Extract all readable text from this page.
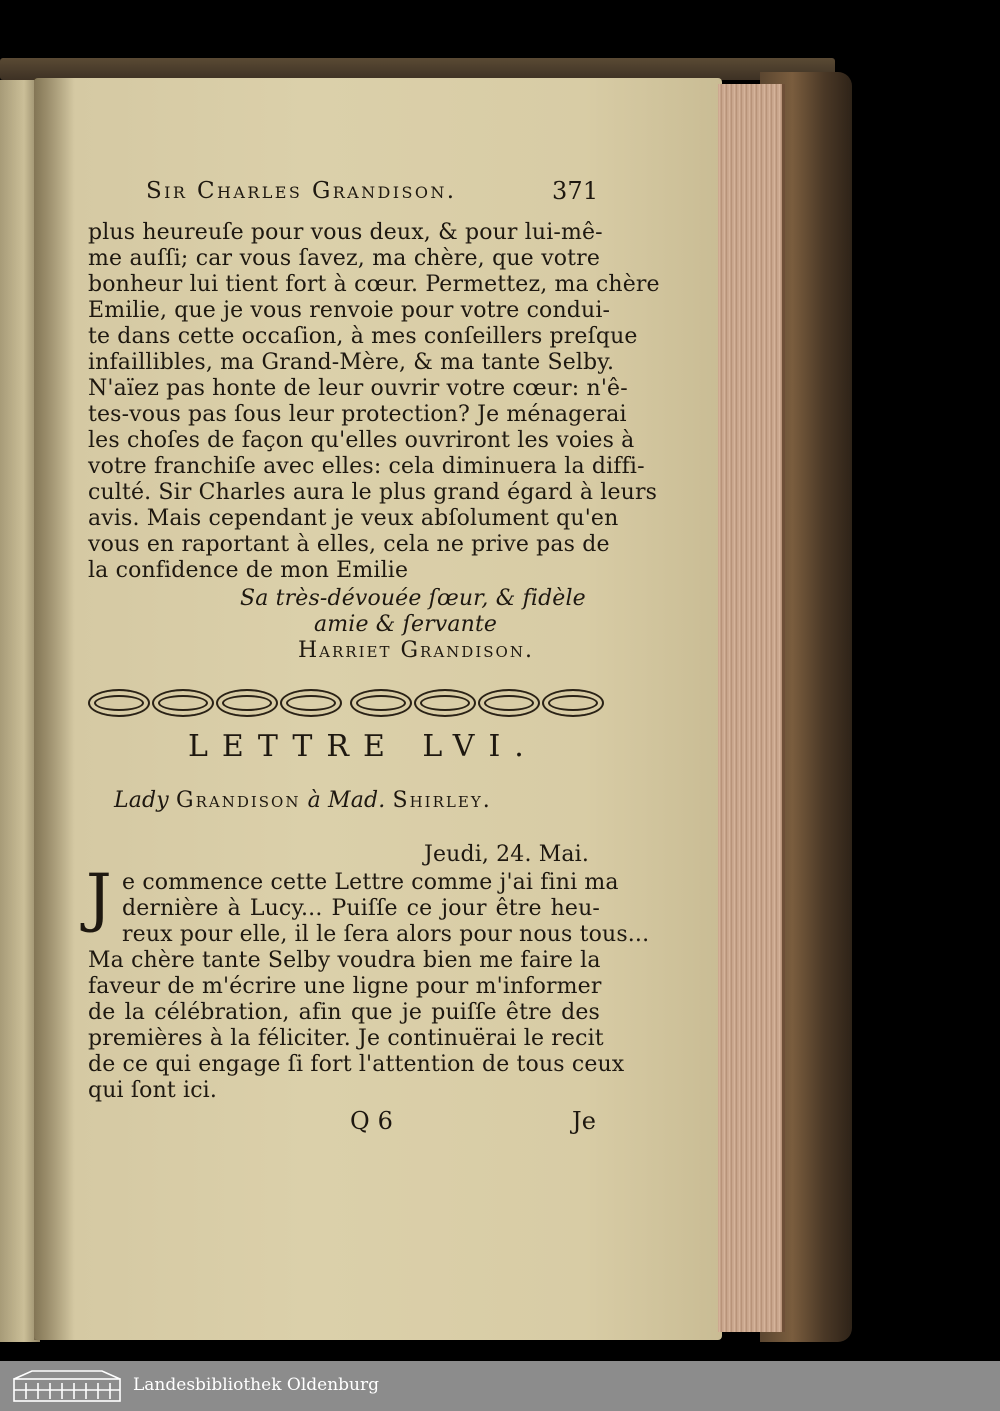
Sir Charles Grandison.	371
plus heureuſe pour vous deux, & pour lui-mê-
me auſſi; car vous ſavez, ma chère, que votre
bonheur lui tient fort à cœur. Permettez, ma chère
Emilie, que je vous renvoie pour votre condui-
te dans cette occaſion, à mes conſeillers preſque
infaillibles, ma Grand-Mère, & ma tante Selby.
N'aïez pas honte de leur ouvrir votre cœur: n'ê-
tes-vous pas ſous leur protection? Je ménagerai
les choſes de façon qu'elles ouvriront les voies à
votre franchiſe avec elles: cela diminuera la diffi-
culté. Sir Charles aura le plus grand égard à leurs
avis. Mais cependant je veux abſolument qu'en
vous en raportant à elles, cela ne prive pas de
la confidence de mon Emilie
Sa très-dévouée ſœur, & fidèle
amie & ſervante
Harriet Grandison.
LETTRE LVI.
Lady Grandison à Mad. Shirley.
Jeudi, 24. Mai.
J e commence cette Lettre comme j'ai fini ma
dernière à Lucy... Puiſſe ce jour être heu-
reux pour elle, il le ſera alors pour nous tous...
Ma chère tante Selby voudra bien me faire la
faveur de m'écrire une ligne pour m'informer
de la célébration, afin que je puiſſe être des
premières à la féliciter. Je continuërai le recit
de ce qui engage ſi fort l'attention de tous ceux
qui ſont ici.
Q 6	Je
Landesbibliothek Oldenburg
